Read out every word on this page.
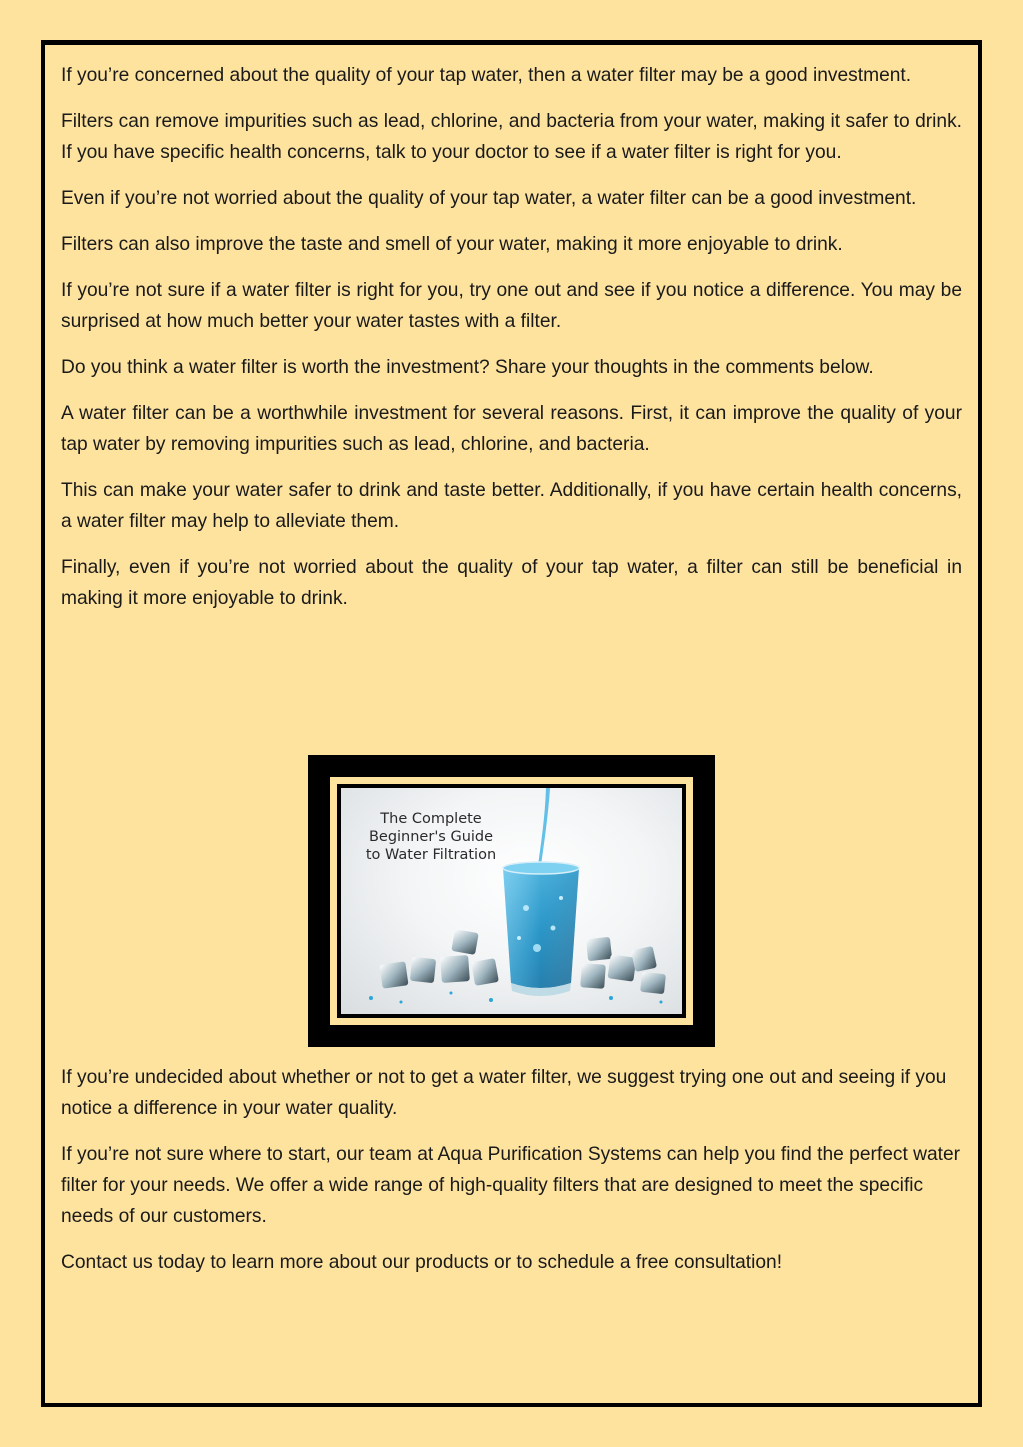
If you’re concerned about the quality of your tap water, then a water filter may be a good investment.

Filters can remove impurities such as lead, chlorine, and bacteria from your water, making it safer to drink. If you have specific health concerns, talk to your doctor to see if a water filter is right for you.

Even if you’re not worried about the quality of your tap water, a water filter can be a good investment.

Filters can also improve the taste and smell of your water, making it more enjoyable to drink.

If you’re not sure if a water filter is right for you, try one out and see if you notice a difference. You may be surprised at how much better your water tastes with a filter.

Do you think a water filter is worth the investment? Share your thoughts in the comments below.

A water filter can be a worthwhile investment for several reasons. First, it can improve the quality of your tap water by removing impurities such as lead, chlorine, and bacteria.

This can make your water safer to drink and taste better. Additionally, if you have certain health concerns, a water filter may help to alleviate them.

Finally, even if you’re not worried about the quality of your tap water, a filter can still be beneficial in making it more enjoyable to drink.

The Complete
Beginner's Guide
to Water Filtration

If you’re undecided about whether or not to get a water filter, we suggest trying one out and seeing if you notice a difference in your water quality.

If you’re not sure where to start, our team at Aqua Purification Systems can help you find the perfect water filter for your needs. We offer a wide range of high-quality filters that are designed to meet the specific needs of our customers.

Contact us today to learn more about our products or to schedule a free consultation!
